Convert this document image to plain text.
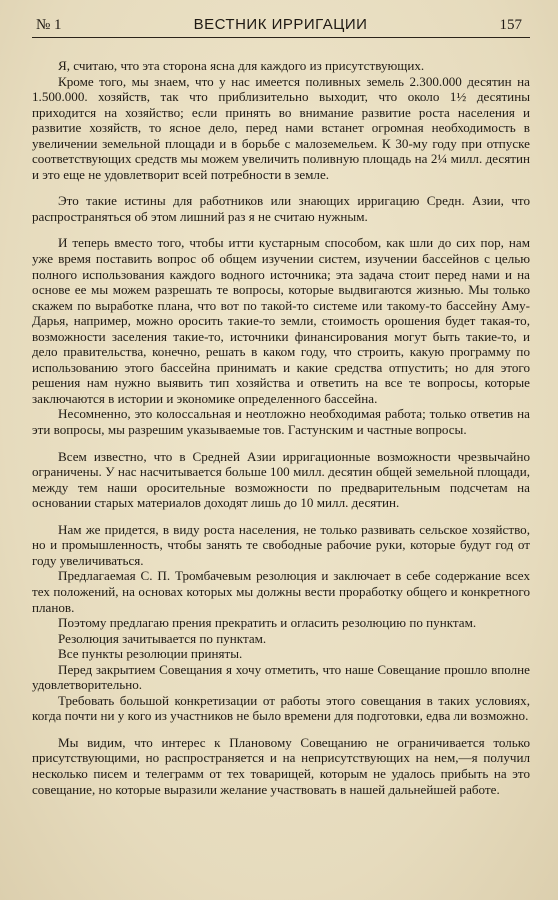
№ 1	ВЕСТНИК ИРРИГАЦИИ	157

Я, считаю, что эта сторона ясна для каждого из присутствующих.

Кроме того, мы знаем, что у нас имеется поливных земель 2.300.000 десятин на 1.500.000. хозяйств, так что приблизительно выходит, что около 1½ десятины приходится на хозяйство; если принять во внимание развитие роста населения и развитие хозяйств, то ясное дело, перед нами встанет огромная необходимость в увеличении земельной площади и в борьбе с малоземельем. К 30-му году при отпуске соответствующих средств мы можем увеличить поливную площадь на 2¼ милл. десятин и это еще не удовлетворит всей потребности в земле.

Это такие истины для работников или знающих ирригацию Средн. Азии, что распространяться об этом лишний раз я не считаю нужным.

И теперь вместо того, чтобы итти кустарным способом, как шли до сих пор, нам уже время поставить вопрос об общем изучении систем, изучении бассейнов с целью полного использования каждого водного источника; эта задача стоит перед нами и на основе ее мы можем разрешать те вопросы, которые выдвигаются жизнью. Мы только скажем по выработке плана, что вот по такой-то системе или такому-то бассейну Аму-Дарья, например, можно оросить такие-то земли, стоимость орошения будет такая-то, возможности заселения такие-то, источники финансирования могут быть такие-то, и дело правительства, конечно, решать в каком году, что строить, какую программу по использованию этого бассейна принимать и какие средства отпустить; но для этого решения нам нужно выявить тип хозяйства и ответить на все те вопросы, которые заключаются в истории и экономике определенного бассейна.

Несомненно, это колоссальная и неотложно необходимая работа; только ответив на эти вопросы, мы разрешим указываемые тов. Гастунским и частные вопросы.

Всем известно, что в Средней Азии ирригационные возможности чрезвычайно ограничены. У нас насчитывается больше 100 милл. десятин общей земельной площади, между тем наши оросительные возможности по предварительным подсчетам на основании старых материалов доходят лишь до 10 милл. десятин.

Нам же придется, в виду роста населения, не только развивать сельское хозяйство, но и промышленность, чтобы занять те свободные рабочие руки, которые будут год от году увеличиваться.

Предлагаемая С. П. Тромбачевым резолюция и заключает в себе содержание всех тех положений, на основах которых мы должны вести проработку общего и конкретного планов.

Поэтому предлагаю прения прекратить и огласить резолюцию по пунктам.

Резолюция зачитывается по пунктам.

Все пункты резолюции приняты.

Перед закрытием Совещания я хочу отметить, что наше Совещание прошло вполне удовлетворительно.

Требовать большой конкретизации от работы этого совещания в таких условиях, когда почти ни у кого из участников не было времени для подготовки, едва ли возможно.

Мы видим, что интерес к Плановому Совещанию не ограничивается только присутствующими, но распространяется и на неприсутствующих на нем,—я получил несколько писем и телеграмм от тех товарищей, которым не удалось прибыть на это совещание, но которые выразили желание участвовать в нашей дальнейшей работе.
